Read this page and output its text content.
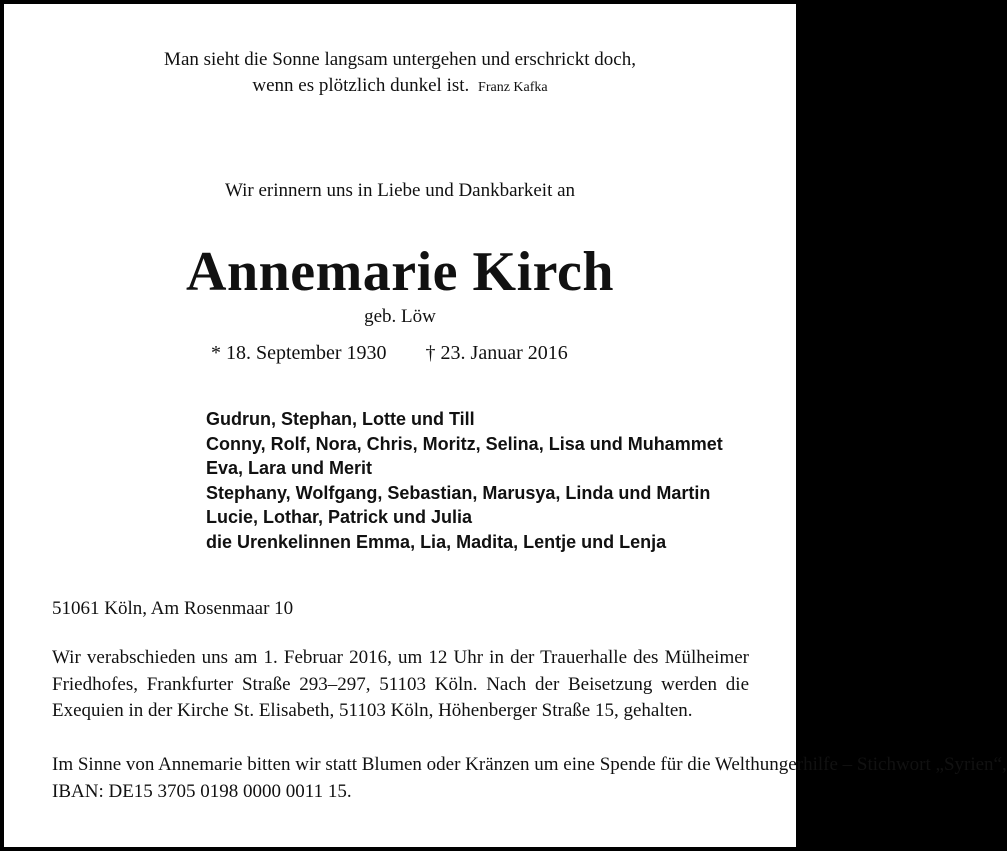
Man sieht die Sonne langsam untergehen und erschrickt doch,
wenn es plötzlich dunkel ist. Franz Kafka
Wir erinnern uns in Liebe und Dankbarkeit an
Annemarie Kirch
geb. Löw
* 18. September 1930 † 23. Januar 2016
Gudrun, Stephan, Lotte und Till
Conny, Rolf, Nora, Chris, Moritz, Selina, Lisa und Muhammet
Eva, Lara und Merit
Stephany, Wolfgang, Sebastian, Marusya, Linda und Martin
Lucie, Lothar, Patrick und Julia
die Urenkelinnen Emma, Lia, Madita, Lentje und Lenja
51061 Köln, Am Rosenmaar 10
Wir verabschieden uns am 1. Februar 2016, um 12 Uhr in der Trauerhalle des Mülheimer Friedhofes, Frankfurter Straße 293–297, 51103 Köln. Nach der Beisetzung werden die Exequien in der Kirche St. Elisabeth, 51103 Köln, Höhenberger Straße 15, gehalten.
Im Sinne von Annemarie bitten wir statt Blumen oder Kränzen um eine Spende für die Welthungerhilfe – Stichwort „Syrien“, IBAN: DE15 3705 0198 0000 0011 15.
